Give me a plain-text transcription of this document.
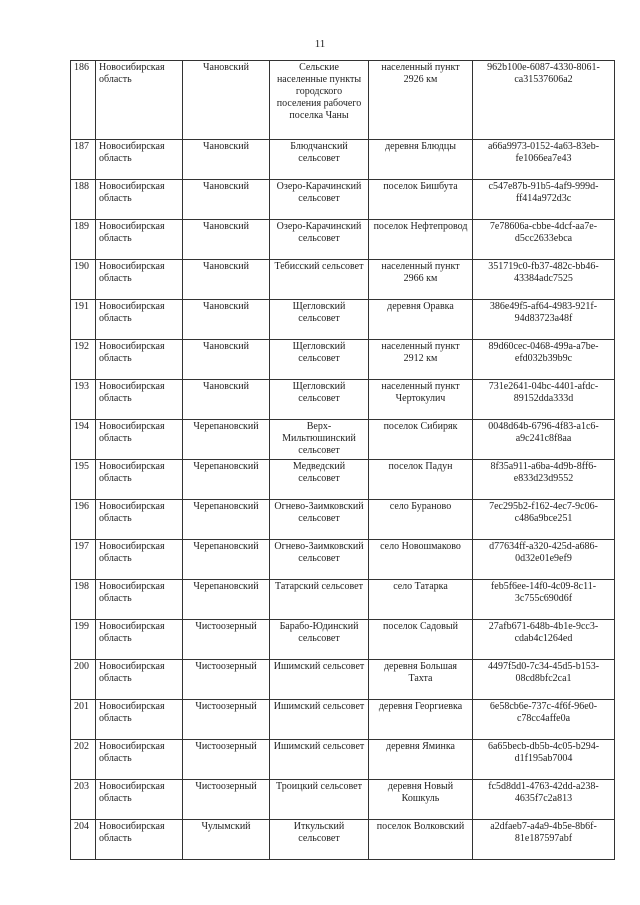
11
186	Новосибирская область	Чановский	Сельские населенные пункты городского поселения рабочего поселка Чаны	населенный пункт 2926 км	962b100e-6087-4330-8061-ca31537606a2
187	Новосибирская область	Чановский	Блюдчанский сельсовет	деревня Блюдцы	a66a9973-0152-4a63-83eb-fe1066ea7e43
188	Новосибирская область	Чановский	Озеро-Карачинский сельсовет	поселок Бишбута	c547e87b-91b5-4af9-999d-ff414a972d3c
189	Новосибирская область	Чановский	Озеро-Карачинский сельсовет	поселок Нефтепровод	7e78606a-cbbe-4dcf-aa7e-d5cc2633ebca
190	Новосибирская область	Чановский	Тебисский сельсовет	населенный пункт 2966 км	351719c0-fb37-482c-bb46-43384adc7525
191	Новосибирская область	Чановский	Щегловский сельсовет	деревня Оравка	386e49f5-af64-4983-921f-94d83723a48f
192	Новосибирская область	Чановский	Щегловский сельсовет	населенный пункт 2912 км	89d60cec-0468-499a-a7be-efd032b39b9c
193	Новосибирская область	Чановский	Щегловский сельсовет	населенный пункт Чертокулич	731e2641-04bc-4401-afdc-89152dda333d
194	Новосибирская область	Черепановский	Верх-Мильтюшинский сельсовет	поселок Сибиряк	0048d64b-6796-4f83-a1c6-a9c241c8f8aa
195	Новосибирская область	Черепановский	Медведский сельсовет	поселок Падун	8f35a911-a6ba-4d9b-8ff6-e833d23d9552
196	Новосибирская область	Черепановский	Огнево-Заимковский сельсовет	село Бураново	7ec295b2-f162-4ec7-9c06-c486a9bce251
197	Новосибирская область	Черепановский	Огнево-Заимковский сельсовет	село Новошмаково	d77634ff-a320-425d-a686-0d32e01e9ef9
198	Новосибирская область	Черепановский	Татарский сельсовет	село Татарка	feb5f6ee-14f0-4c09-8c11-3c755c690d6f
199	Новосибирская область	Чистоозерный	Барабо-Юдинский сельсовет	поселок Садовый	27afb671-648b-4b1e-9cc3-cdab4c1264ed
200	Новосибирская область	Чистоозерный	Ишимский сельсовет	деревня Большая Тахта	4497f5d0-7c34-45d5-b153-08cd8bfc2ca1
201	Новосибирская область	Чистоозерный	Ишимский сельсовет	деревня Георгиевка	6e58cb6e-737c-4f6f-96e0-c78cc4affe0a
202	Новосибирская область	Чистоозерный	Ишимский сельсовет	деревня Яминка	6a65becb-db5b-4c05-b294-d1f195ab7004
203	Новосибирская область	Чистоозерный	Троицкий сельсовет	деревня Новый Кошкуль	fc5d8dd1-4763-42dd-a238-4635f7c2a813
204	Новосибирская область	Чулымский	Иткульский сельсовет	поселок Волковский	a2dfaeb7-a4a9-4b5e-8b6f-81e187597abf
